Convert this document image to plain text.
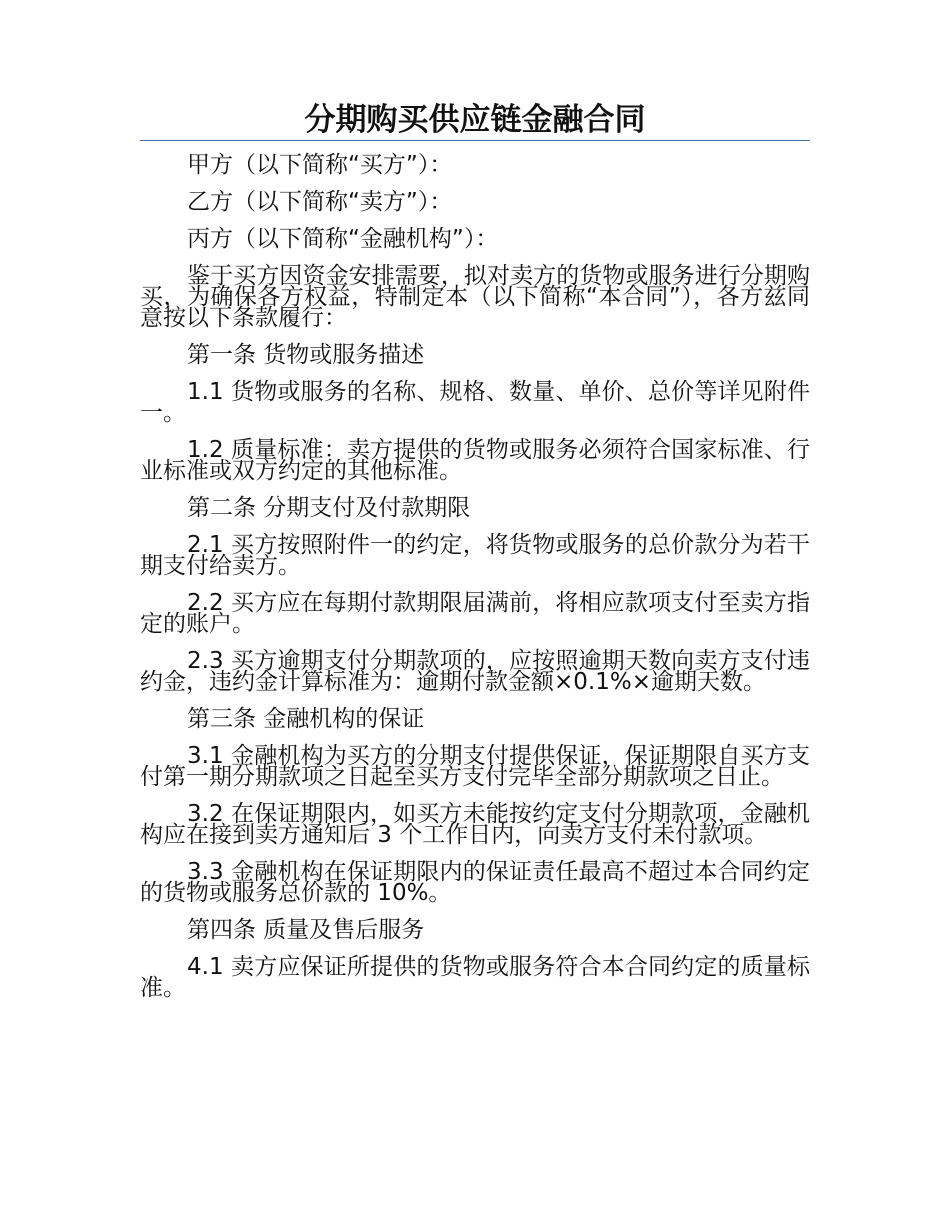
分期购买供应链金融合同

甲方（以下简称“买方”）：

乙方（以下简称“卖方”）：

丙方（以下简称“金融机构”）：

鉴于买方因资金安排需要，拟对卖方的货物或服务进行分期购买，为确保各方权益，特制定本（以下简称“本合同”），各方兹同意按以下条款履行：

第一条 货物或服务描述

1.1 货物或服务的名称、规格、数量、单价、总价等详见附件一。

1.2 质量标准：卖方提供的货物或服务必须符合国家标准、行业标准或双方约定的其他标准。

第二条 分期支付及付款期限

2.1 买方按照附件一的约定，将货物或服务的总价款分为若干期支付给卖方。

2.2 买方应在每期付款期限届满前，将相应款项支付至卖方指定的账户。

2.3 买方逾期支付分期款项的，应按照逾期天数向卖方支付违约金，违约金计算标准为：逾期付款金额×0.1%×逾期天数。

第三条 金融机构的保证

3.1 金融机构为买方的分期支付提供保证，保证期限自买方支付第一期分期款项之日起至买方支付完毕全部分期款项之日止。

3.2 在保证期限内，如买方未能按约定支付分期款项，金融机构应在接到卖方通知后 3 个工作日内，向卖方支付未付款项。

3.3 金融机构在保证期限内的保证责任最高不超过本合同约定的货物或服务总价款的 10%。

第四条 质量及售后服务

4.1 卖方应保证所提供的货物或服务符合本合同约定的质量标准。
